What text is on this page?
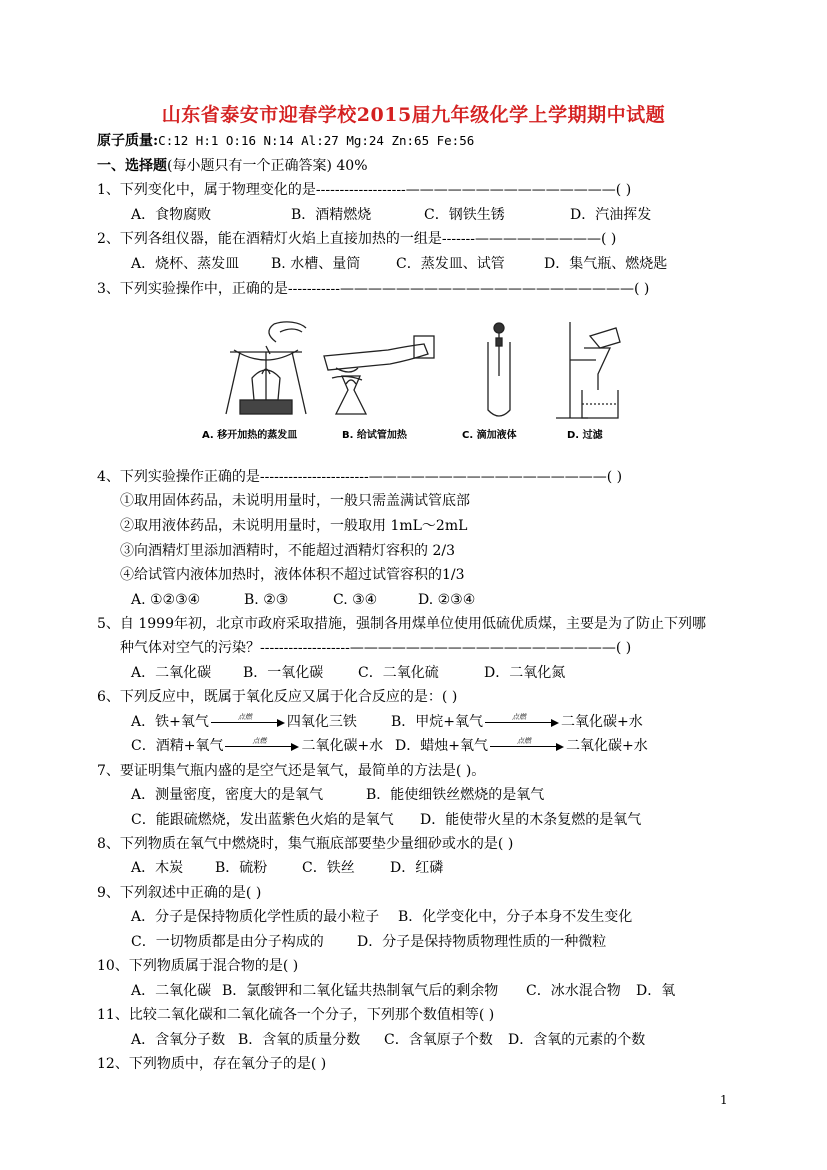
山东省泰安市迎春学校2015届九年级化学上学期期中试题
原子质量:C:12 H:1 O:16 N:14 Al:27 Mg:24 Zn:65 Fe:56
一、选择题(每小题只有一个正确答案) 40%
1、下列变化中，属于物理变化的是-------------------———————————————( )
A．食物腐败	B．酒精燃烧	C．钢铁生锈	D．汽油挥发
2、下列各组仪器，能在酒精灯火焰上直接加热的一组是-------—————————( )
A．烧杯、蒸发皿 B. 水槽、量筒	C．蒸发皿、试管	D．集气瓶、燃烧匙
3、下列实验操作中，正确的是-----------—————————————————————( )
A. 移开加热的蒸发皿	B. 给试管加热	C. 滴加液体	D. 过滤
4、下列实验操作正确的是-----------------------—————————————————( )
①取用固体药品，未说明用量时，一般只需盖满试管底部
②取用液体药品，未说明用量时，一般取用 1mL～2mL
③向酒精灯里添加酒精时，不能超过酒精灯容积的 2/3
④给试管内液体加热时，液体体积不超过试管容积的1/3
A. ①②③④	B. ②③	C. ③④	D. ②③④
5、自 1999年初，北京市政府采取措施，强制各用煤单位使用低硫优质煤，主要是为了防止下列哪
种气体对空气的污染？-------------------———————————————————( )
A．二氧化碳 B．一氧化碳 C．二氧化硫	D．二氧化氮
6、下列反应中，既属于氧化反应又属于化合反应的是：( )
A．铁+氧气	点燃	四氧化三铁 B．甲烷+氧气	点燃	二氧化碳+水
C．酒精+氧气	点燃	二氧化碳+水 D．蜡烛+氧气	点燃	二氧化碳+水
7、要证明集气瓶内盛的是空气还是氧气，最简单的方法是( )。
A．测量密度，密度大的是氧气	B．能使细铁丝燃烧的是氧气
C．能跟硫燃烧，发出蓝紫色火焰的是氧气 D．能使带火星的木条复燃的是氧气
8、下列物质在氧气中燃烧时，集气瓶底部要垫少量细砂或水的是( )
A．木炭 B．硫粉 C．铁丝	D．红磷
9、下列叙述中正确的是( )
A．分子是保持物质化学性质的最小粒子 B．化学变化中，分子本身不发生变化
C．一切物质都是由分子构成的 D．分子是保持物质物理性质的一种微粒
10、下列物质属于混合物的是( )
A．二氧化碳 B．氯酸钾和二氧化锰共热制氧气后的剩余物 C．冰水混合物 D．氧
11、比较二氧化碳和二氧化硫各一个分子，下列那个数值相等( )
A．含氧分子数 B．含氧的质量分数 C．含氧原子个数 D．含氧的元素的个数
12、下列物质中，存在氧分子的是( )
1
